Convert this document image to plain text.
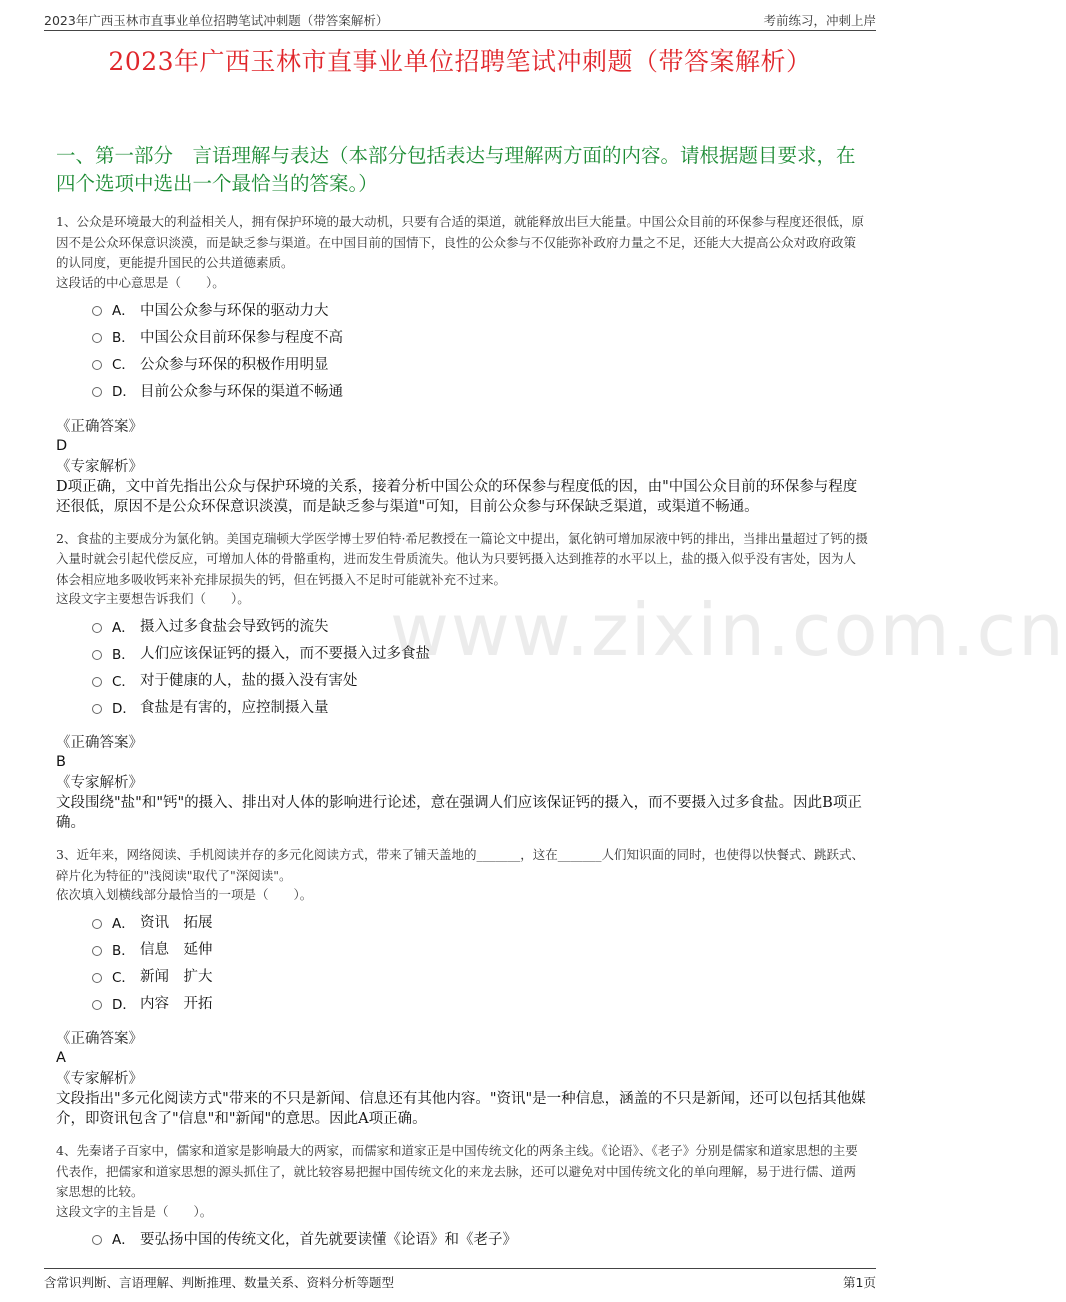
2023年广西玉林市直事业单位招聘笔试冲刺题（带答案解析）	考前练习，冲刺上岸
2023年广西玉林市直事业单位招聘笔试冲刺题（带答案解析）
一、第一部分　言语理解与表达（本部分包括表达与理解两方面的内容。请根据题目要求，在四个选项中选出一个最恰当的答案。）
www.zixin.com.cn
1、公众是环境最大的利益相关人，拥有保护环境的最大动机，只要有合适的渠道，就能释放出巨大能量。中国公众目前的环保参与程度还很低，原因不是公众环保意识淡漠，而是缺乏参与渠道。在中国目前的国情下，良性的公众参与不仅能弥补政府力量之不足，还能大大提高公众对政府政策的认同度，更能提升国民的公共道德素质。
这段话的中心意思是（　　）。
A． 中国公众参与环保的驱动力大
B． 中国公众目前环保参与程度不高
C． 公众参与环保的积极作用明显
D． 目前公众参与环保的渠道不畅通
《正确答案》
D
《专家解析》
D项正确，文中首先指出公众与保护环境的关系，接着分析中国公众的环保参与程度低的因，由"中国公众目前的环保参与程度还很低，原因不是公众环保意识淡漠，而是缺乏参与渠道"可知，目前公众参与环保缺乏渠道，或渠道不畅通。
2、食盐的主要成分为氯化钠。美国克瑞顿大学医学博士罗伯特·希尼教授在一篇论文中提出，氯化钠可增加尿液中钙的排出，当排出量超过了钙的摄入量时就会引起代偿反应，可增加人体的骨骼重构，进而发生骨质流失。他认为只要钙摄入达到推荐的水平以上，盐的摄入似乎没有害处，因为人体会相应地多吸收钙来补充排尿损失的钙，但在钙摄入不足时可能就补充不过来。
这段文字主要想告诉我们（　　）。
A． 摄入过多食盐会导致钙的流失
B． 人们应该保证钙的摄入，而不要摄入过多食盐
C． 对于健康的人，盐的摄入没有害处
D． 食盐是有害的，应控制摄入量
《正确答案》
B
《专家解析》
文段围绕"盐"和"钙"的摄入、排出对人体的影响进行论述，意在强调人们应该保证钙的摄入，而不要摄入过多食盐。因此B项正确。
3、近年来，网络阅读、手机阅读并存的多元化阅读方式，带来了铺天盖地的_______，这在_______人们知识面的同时，也使得以快餐式、跳跃式、碎片化为特征的"浅阅读"取代了"深阅读"。
依次填入划横线部分最恰当的一项是（　　）。
A． 资讯　拓展
B． 信息　延伸
C． 新闻　扩大
D． 内容　开拓
《正确答案》
A
《专家解析》
文段指出"多元化阅读方式"带来的不只是新闻、信息还有其他内容。"资讯"是一种信息，涵盖的不只是新闻，还可以包括其他媒介，即资讯包含了"信息"和"新闻"的意思。因此A项正确。
4、先秦诸子百家中，儒家和道家是影响最大的两家，而儒家和道家正是中国传统文化的两条主线。《论语》、《老子》分别是儒家和道家思想的主要代表作，把儒家和道家思想的源头抓住了，就比较容易把握中国传统文化的来龙去脉，还可以避免对中国传统文化的单向理解，易于进行儒、道两家思想的比较。
这段文字的主旨是（　　）。
A． 要弘扬中国的传统文化，首先就要读懂《论语》和《老子》
含常识判断、言语理解、判断推理、数量关系、资料分析等题型	第1页
